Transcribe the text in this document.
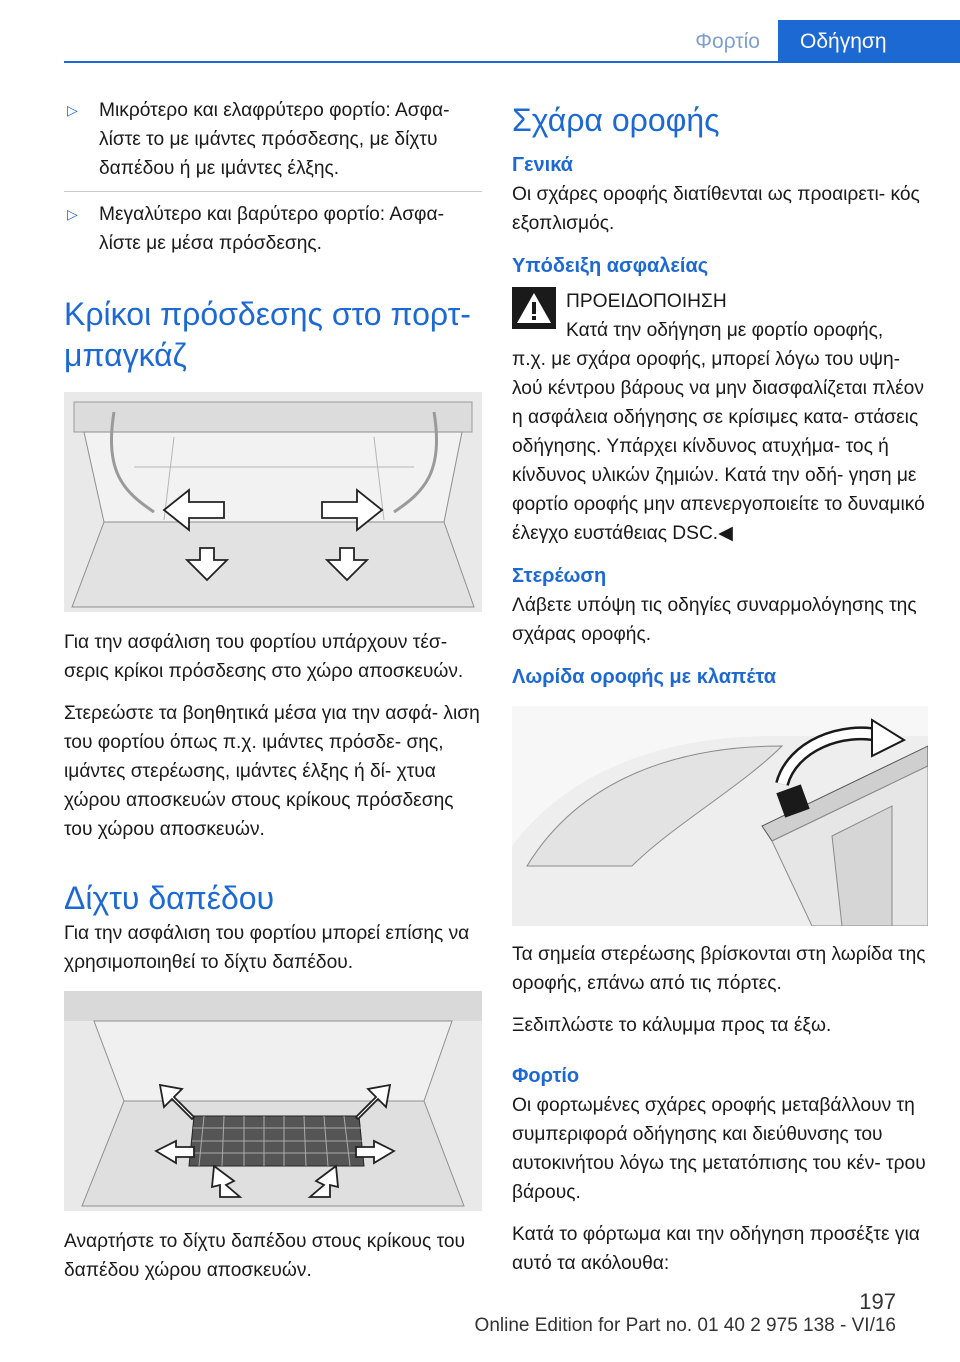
Φορτίο	Οδήγηση
▷	Μικρότερο και ελαφρύτερο φορτίο: Ασφα‐ λίστε το με ιμάντες πρόσδεσης, με δίχτυ δαπέδου ή με ιμάντες έλξης.
▷	Μεγαλύτερο και βαρύτερο φορτίο: Ασφα‐ λίστε με μέσα πρόσδεσης.
Κρίκοι πρόσδεσης στο πορτ‐ μπαγκάζ

Για την ασφάλιση του φορτίου υπάρχουν τέσ‐ σερις κρίκοι πρόσδεσης στο χώρο αποσκευών.

Στερεώστε τα βοηθητικά μέσα για την ασφά‐ λιση του φορτίου όπως π.χ. ιμάντες πρόσδε‐ σης, ιμάντες στερέωσης, ιμάντες έλξης ή δί‐ χτυα χώρου αποσκευών στους κρίκους πρόσδεσης του χώρου αποσκευών.

Δίχτυ δαπέδου

Για την ασφάλιση του φορτίου μπορεί επίσης να χρησιμοποιηθεί το δίχτυ δαπέδου.

Αναρτήστε το δίχτυ δαπέδου στους κρίκους του δαπέδου χώρου αποσκευών.

Σχάρα οροφής
Γενικά

Οι σχάρες οροφής διατίθενται ως προαιρετι‐ κός εξοπλισμός.

Υπόδειξη ασφαλείας

ΠΡΟΕΙΔΟΠΟΙΗΣΗ

Κατά την οδήγηση με φορτίο οροφής,

π.χ. με σχάρα οροφής, μπορεί λόγω του υψη‐ λού κέντρου βάρους να μην διασφαλίζεται πλέον η ασφάλεια οδήγησης σε κρίσιμες κατα‐ στάσεις οδήγησης. Υπάρχει κίνδυνος ατυχήμα‐ τος ή κίνδυνος υλικών ζημιών. Κατά την οδή‐ γηση με φορτίο οροφής μην απενεργοποιείτε το δυναμικό έλεγχο ευστάθειας DSC.◀

Στερέωση

Λάβετε υπόψη τις οδηγίες συναρμολόγησης της σχάρας οροφής.

Λωρίδα οροφής με κλαπέτα

Τα σημεία στερέωσης βρίσκονται στη λωρίδα της οροφής, επάνω από τις πόρτες.

Ξεδιπλώστε το κάλυμμα προς τα έξω.

Φορτίο

Οι φορτωμένες σχάρες οροφής μεταβάλλουν τη συμπεριφορά οδήγησης και διεύθυνσης του αυτοκινήτου λόγω της μετατόπισης του κέν‐ τρου βάρους.

Κατά το φόρτωμα και την οδήγηση προσέξτε για αυτό τα ακόλουθα:

197
Online Edition for Part no. 01 40 2 975 138 - VI/16
